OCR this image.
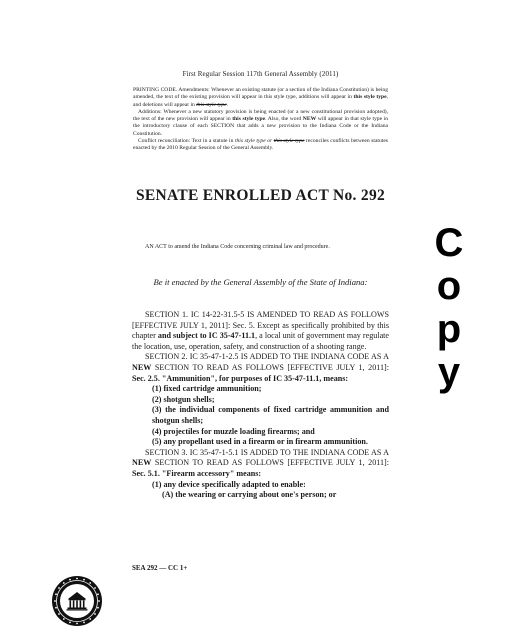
First Regular Session 117th General Assembly (2011)

PRINTING CODE. Amendments: Whenever an existing statute (or a section of the Indiana Constitution) is being amended, the text of the existing provision will appear in this style type, additions will appear in this style type, and deletions will appear in this style type.

Additions: Whenever a new statutory provision is being enacted (or a new constitutional provision adopted), the text of the new provision will appear in this style type. Also, the word NEW will appear in that style type in the introductory clause of each SECTION that adds a new provision to the Indiana Code or the Indiana Constitution.

Conflict reconciliation: Text in a statute in this style type or this style type reconciles conflicts between statutes enacted by the 2010 Regular Session of the General Assembly.

SENATE ENROLLED ACT No. 292
AN ACT to amend the Indiana Code concerning criminal law and procedure.
Be it enacted by the General Assembly of the State of Indiana:

SECTION 1. IC 14-22-31.5-5 IS AMENDED TO READ AS FOLLOWS [EFFECTIVE JULY 1, 2011]: Sec. 5. Except as specifically prohibited by this chapter and subject to IC 35-47-11.1, a local unit of government may regulate the location, use, operation, safety, and construction of a shooting range.

SECTION 2. IC 35-47-1-2.5 IS ADDED TO THE INDIANA CODE AS A NEW SECTION TO READ AS FOLLOWS [EFFECTIVE JULY 1, 2011]: Sec. 2.5. "Ammunition", for purposes of IC 35-47-11.1, means:

(1) fixed cartridge ammunition;

(2) shotgun shells;

(3) the individual components of fixed cartridge ammunition and shotgun shells;

(4) projectiles for muzzle loading firearms; and

(5) any propellant used in a firearm or in firearm ammunition.

SECTION 3. IC 35-47-1-5.1 IS ADDED TO THE INDIANA CODE AS A NEW SECTION TO READ AS FOLLOWS [EFFECTIVE JULY 1, 2011]: Sec. 5.1. "Firearm accessory" means:

(1) any device specifically adapted to enable:

(A) the wearing or carrying about one's person; or

SEA 292 — CC 1+
C
o
p
y
